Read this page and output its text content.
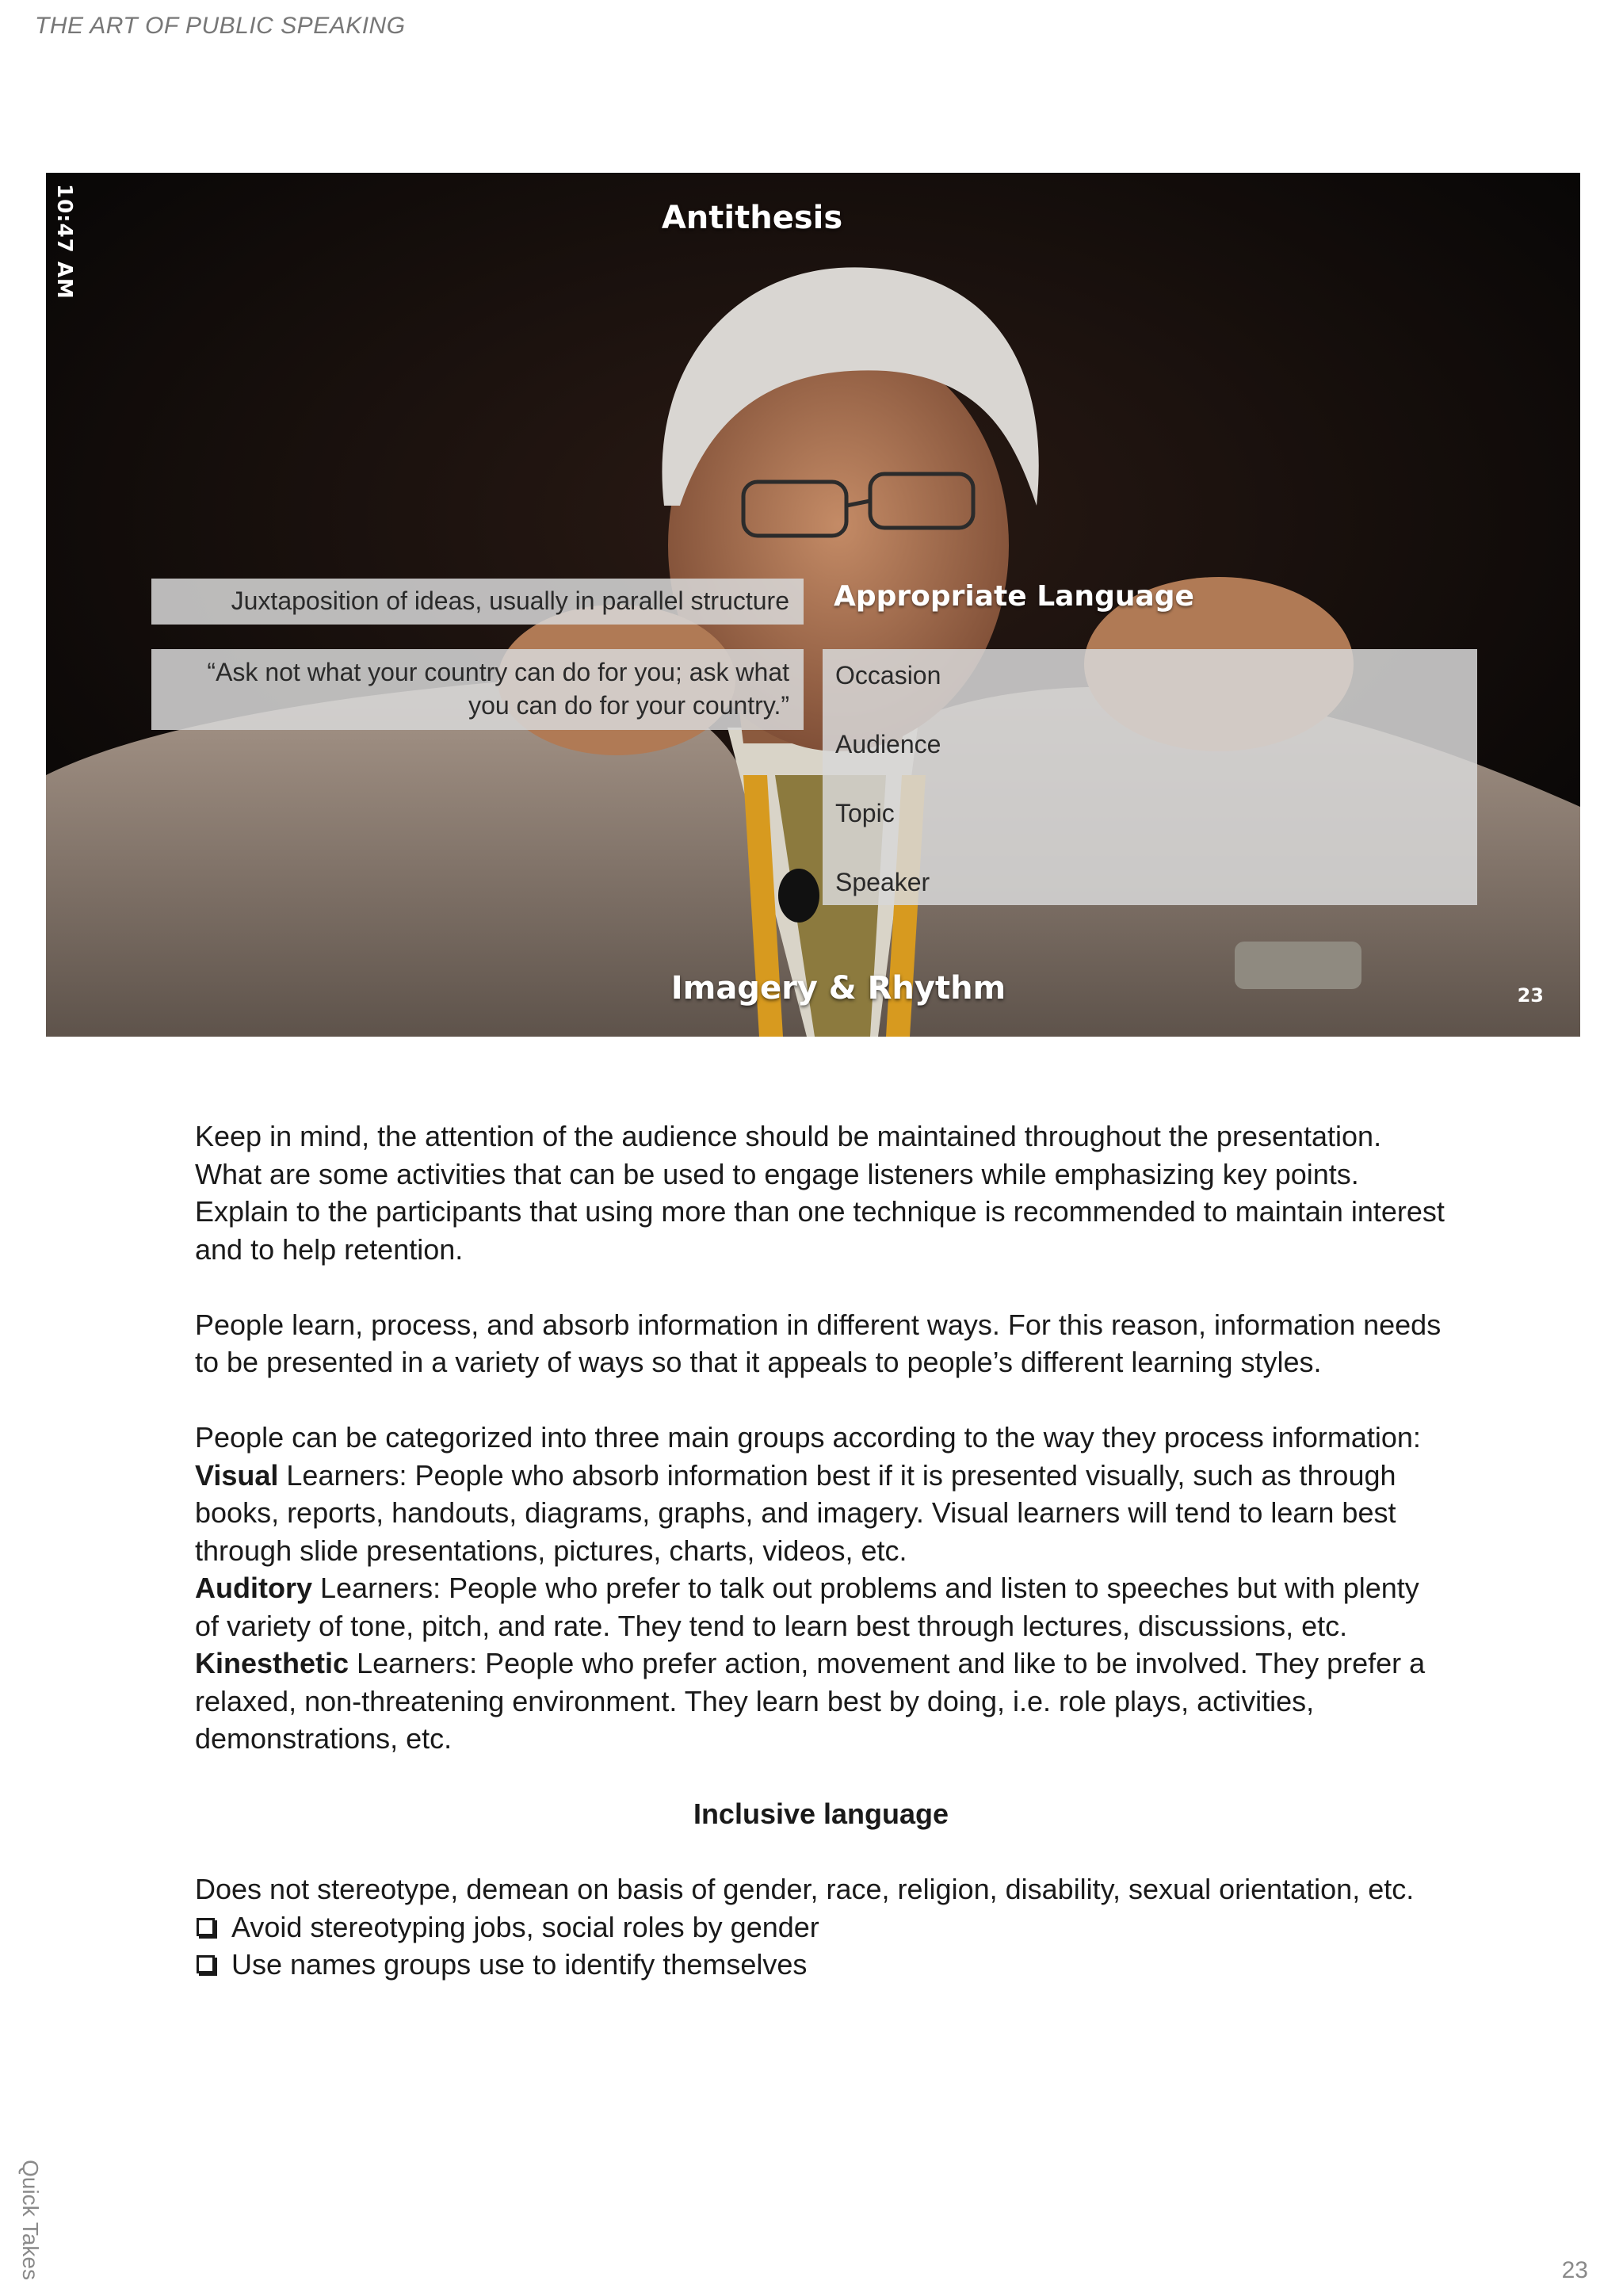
THE ART OF PUBLIC SPEAKING
10:47 AM	Antithesis
Juxtaposition of ideas, usually in parallel structure
“Ask not what your country can do for you; ask what you can do for your country.”
Appropriate Language
Occasion
Audience
Topic
Speaker
Imagery & Rhythm	23

Keep in mind, the attention of the audience should be maintained throughout the presentation. What are some activities that can be used to engage listeners while emphasizing key points. Explain to the participants that using more than one technique is recommended to maintain interest and to help retention.

People learn, process, and absorb information in different ways. For this reason, information needs to be presented in a variety of ways so that it appeals to people’s different learning styles.

People can be categorized into three main groups according to the way they process information:

Visual Learners: People who absorb information best if it is presented visually, such as through books, reports, handouts, diagrams, graphs, and imagery. Visual learners will tend to learn best through slide presentations, pictures, charts, videos, etc.

Auditory Learners: People who prefer to talk out problems and listen to speeches but with plenty of variety of tone, pitch, and rate. They tend to learn best through lectures, discussions, etc.

Kinesthetic Learners: People who prefer action, movement and like to be involved. They prefer a relaxed, non-threatening environment. They learn best by doing, i.e. role plays, activities, demonstrations, etc.

Inclusive language

Does not stereotype, demean on basis of gender, race, religion, disability, sexual orientation, etc.

Avoid stereotyping jobs, social roles by gender
Use names groups use to identify themselves
Quick Takes	23
